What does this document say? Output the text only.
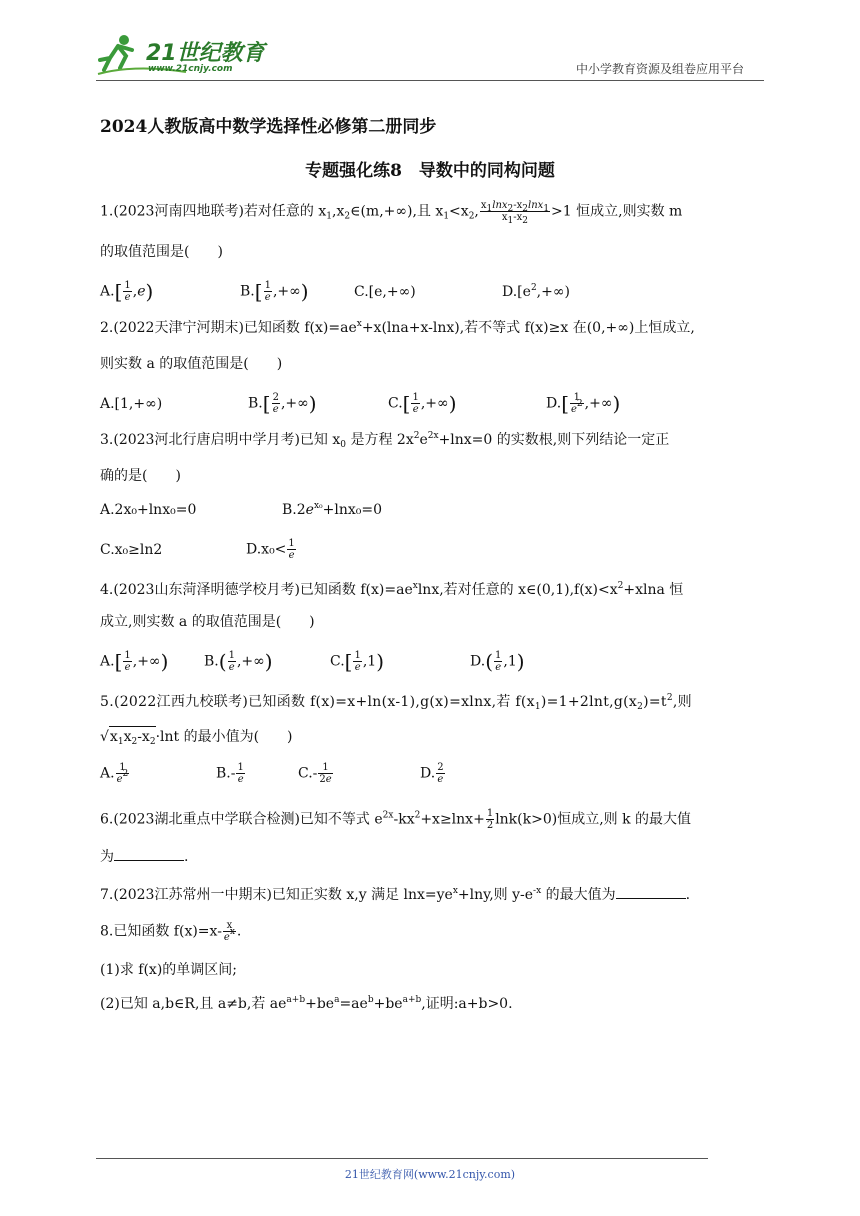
21世纪教育
www.21cnjy.com	中小学教育资源及组卷应用平台
2024人教版高中数学选择性必修第二册同步
专题强化练8　导数中的同构问题
1.(2023河南四地联考)若对任意的 $x_1,x_2\in(m,+\infty)$,且 $x_1<x_2$, $\frac{x_1\ln x_2-x_2\ln x_1}{x_1-x_2} >1$ 恒成立,则实数 m
的取值范围是(　　)
$A.[ \frac{1}{e} ,e)$	$B.[ \frac{1}{e}$ ,+∞)	C.[e,+∞)	$D.[e^2,+\infty)$
2.(2022天津宁河期末)已知函数 $f(x)=ae^x+x(\ln a+x-\ln x)$,若不等式 f(x)≥x 在(0,+∞)上恒成立,
则实数 a 的取值范围是(　　)
A.[1,+∞)	$B.[ \frac{2}{e}$ ,+∞)	$C.[ \frac{1}{e}$ ,+∞)	$D.[ \frac{1}{e^2}$ ,+∞)
3.(2023河北行唐启明中学月考)已知 $x_0$ 是方程 $2x^2e^{2x}+\ln x=0$ 的实数根,则下列结论一定正
确的是(　　)
A.2x₀+lnx₀=0	$B.2e^{x_0}+\ln x_0=0$
C.x₀≥ln2	$D.x_0< \frac{1}{e}$
4.(2023山东菏泽明德学校月考)已知函数 $f(x)=ae^x\ln x$,若对任意的 $x\in(0,1),f(x)<x^2+xlna$ 恒
成立,则实数 a 的取值范围是(　　)
$A.[ \frac{1}{e}$ ,+∞)	$B.( \frac{1}{e}$ ,+∞)	$C.[ \frac{1}{e} ,1)$	$D.( \frac{1}{e} ,1)$
5.(2022江西九校联考)已知函数 f(x)=x+ln(x-1),g(x)=xlnx,若 $f(x_1)=1+2\ln t,g(x_2)=t^2$,则
$√x_1x_2-x_2\cdot\ln t$ 的最小值为(　　)
A. $\frac{1}{e^2}$	$B.- \frac{1}{e}$	$C.- \frac{1}{2e}$	D. $\frac{2}{e}$
6.(2023湖北重点中学联合检测)已知不等式 $e^{2x}-kx^2+x\ge\ln x+ \frac{1}{2} \ln k(k>0)$恒成立,则 k 的最大值
为	.
7.(2023江苏常州一中期末)已知正实数 x,y 满足 $\ln x=ye^x+\ln y$,则 $y-e^{-x}$ 的最大值为	.
8.已知函数 $f(x)=x- \frac{x}{e^x}$ .
(1)求 f(x)的单调区间;
(2)已知 a,b∈R,且 a≠b,若 $ae^{a+b}+be^a=ae^b+be^{a+b}$,证明:a+b>0.
21世纪教育网(www.21cnjy.com)
